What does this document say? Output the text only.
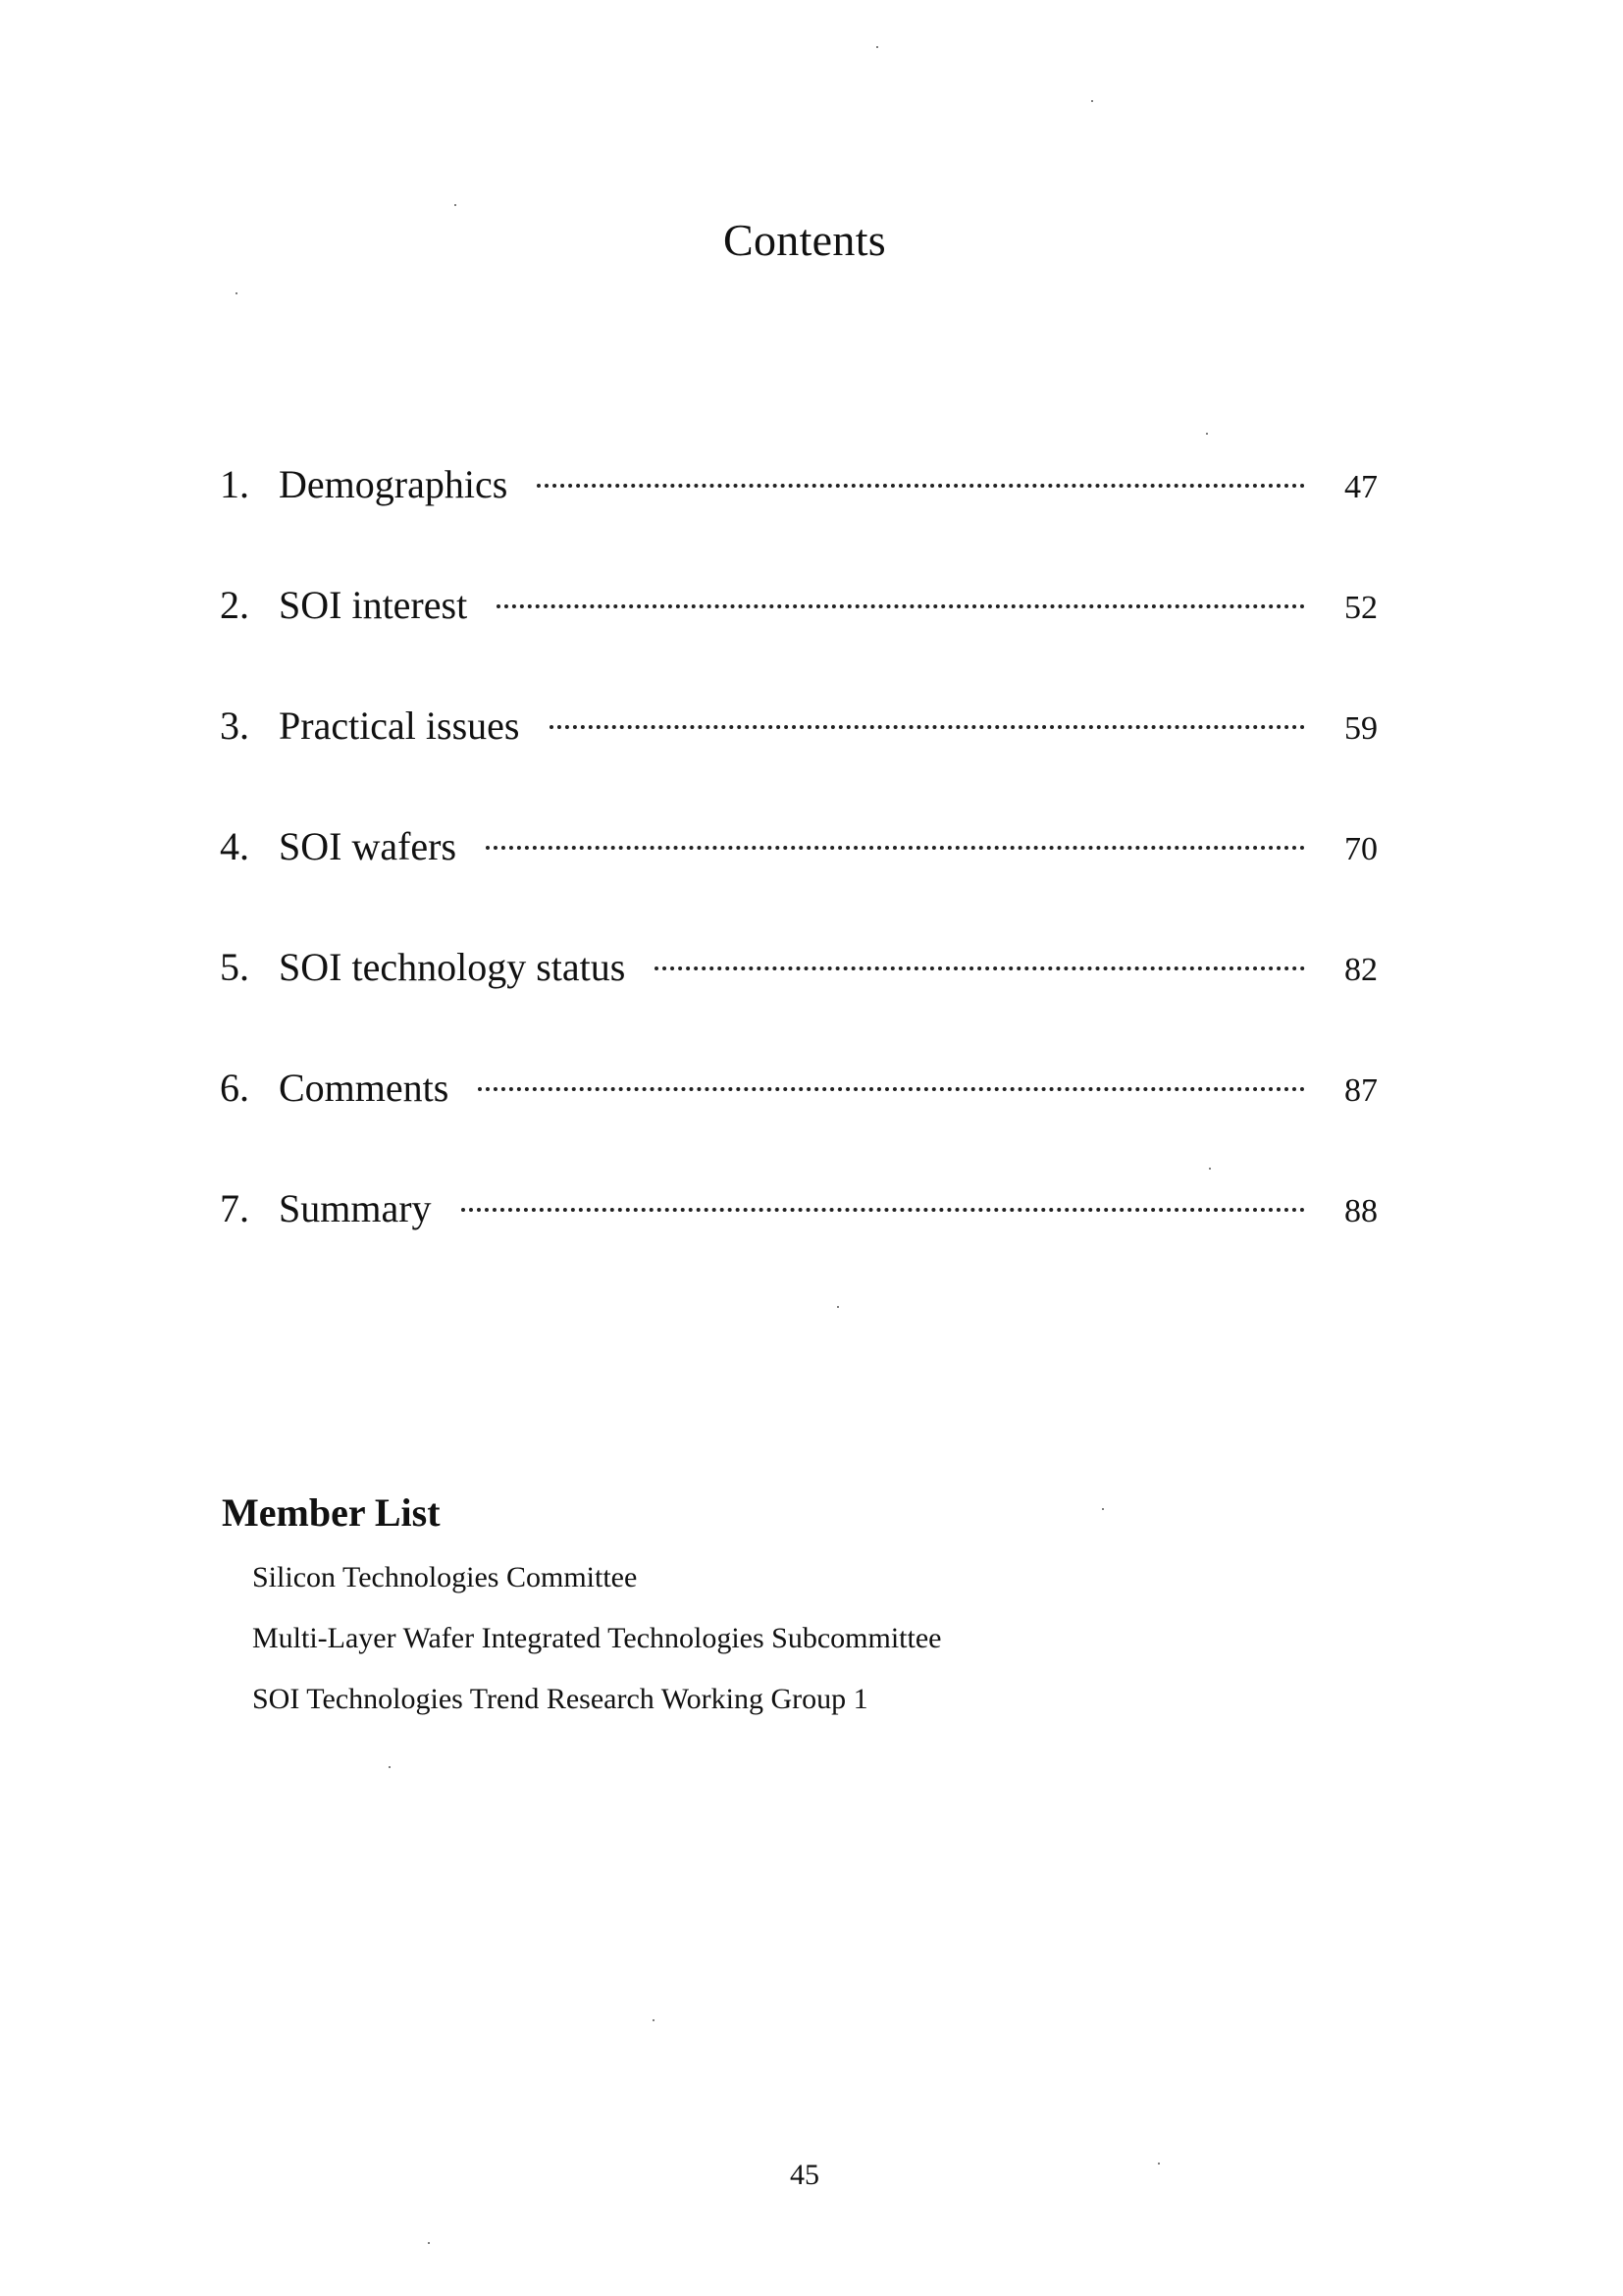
Contents
1. Demographics	47
2. SOI interest	52
3. Practical issues	59
4. SOI wafers	70
5. SOI technology status	82
6. Comments	87
7. Summary	88
Member List
Silicon Technologies Committee
Multi-Layer Wafer Integrated Technologies Subcommittee
SOI Technologies Trend Research Working Group 1
45
